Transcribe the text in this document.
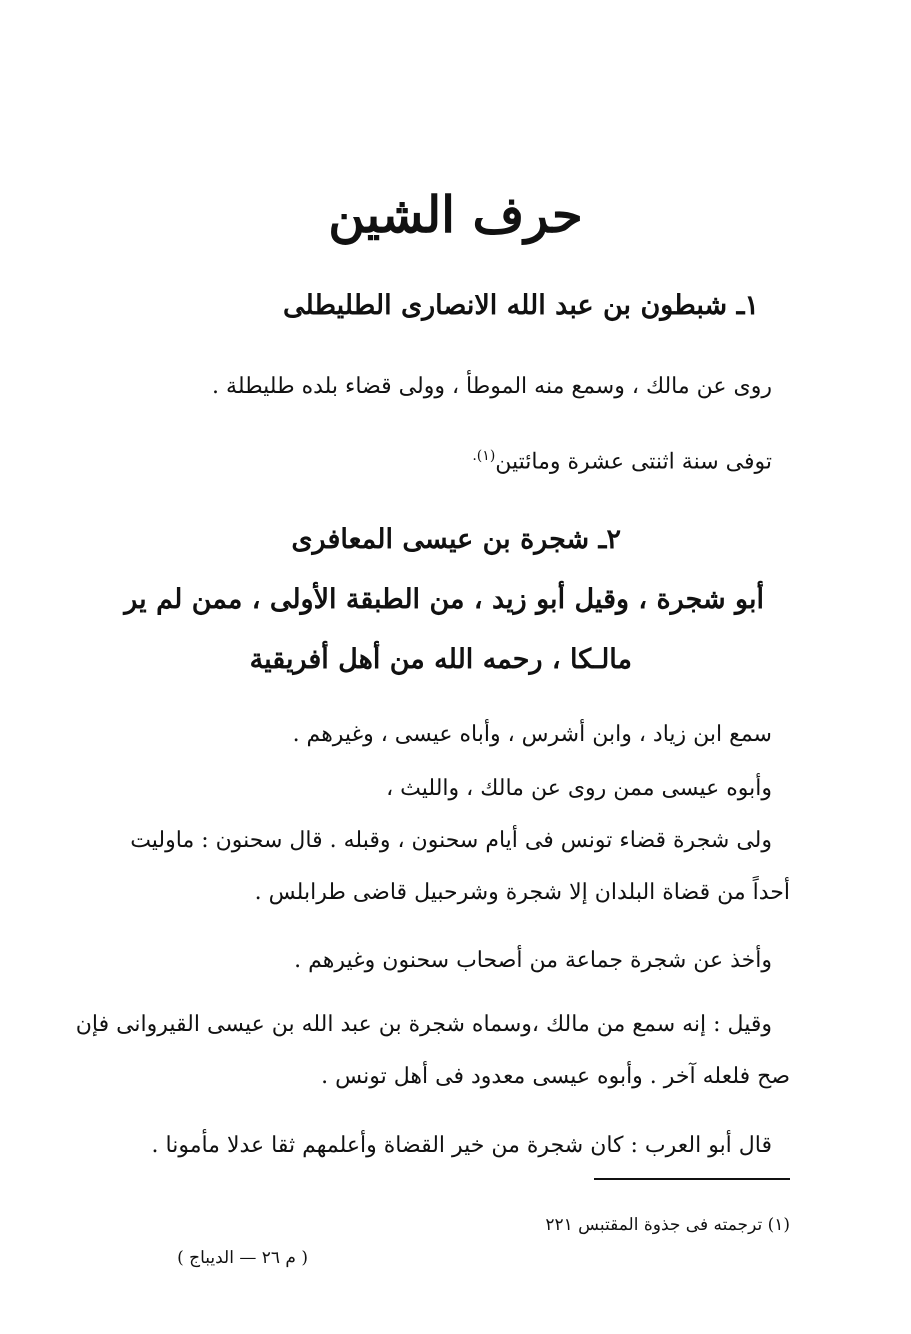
حرف الشين
١ـ شبطون بن عبد الله الانصارى الطليطلى
روى عن مالك ، وسمع منه الموطأ ، وولى قضاء بلده طليطلة .
توفى سنة اثنتى عشرة ومائتين$^{(١).}$
٢ـ شجرة بن عيسى المعافرى
أبو شجرة ، وقيل أبو زيد ، من الطبقة الأولى ، ممن لم ير
مالـكا ، رحمه الله من أهل أفريقية
سمع ابن زياد ، وابن أشرس ، وأباه عيسى ، وغيرهم .
وأبوه عيسى ممن روى عن مالك ، والليث ،
ولى شجرة قضاء تونس فى أيام سحنون ، وقبله . قال سحنون : ماوليت
أحداً من قضاة البلدان إلا شجرة وشرحبيل قاضى طرابلس .
وأخذ عن شجرة جماعة من أصحاب سحنون وغيرهم .
وقيل : إنه سمع من مالك ،وسماه شجرة بن عبد الله بن عيسى القيروانى فإن
صح فلعله آخر . وأبوه عيسى معدود فى أهل تونس .
قال أبو العرب : كان شجرة من خير القضاة وأعلمهم ثقا عدلا مأمونا .
(١) ترجمته فى جذوة المقتبس ٢٢١
( م ٢٦ — الديباج )
